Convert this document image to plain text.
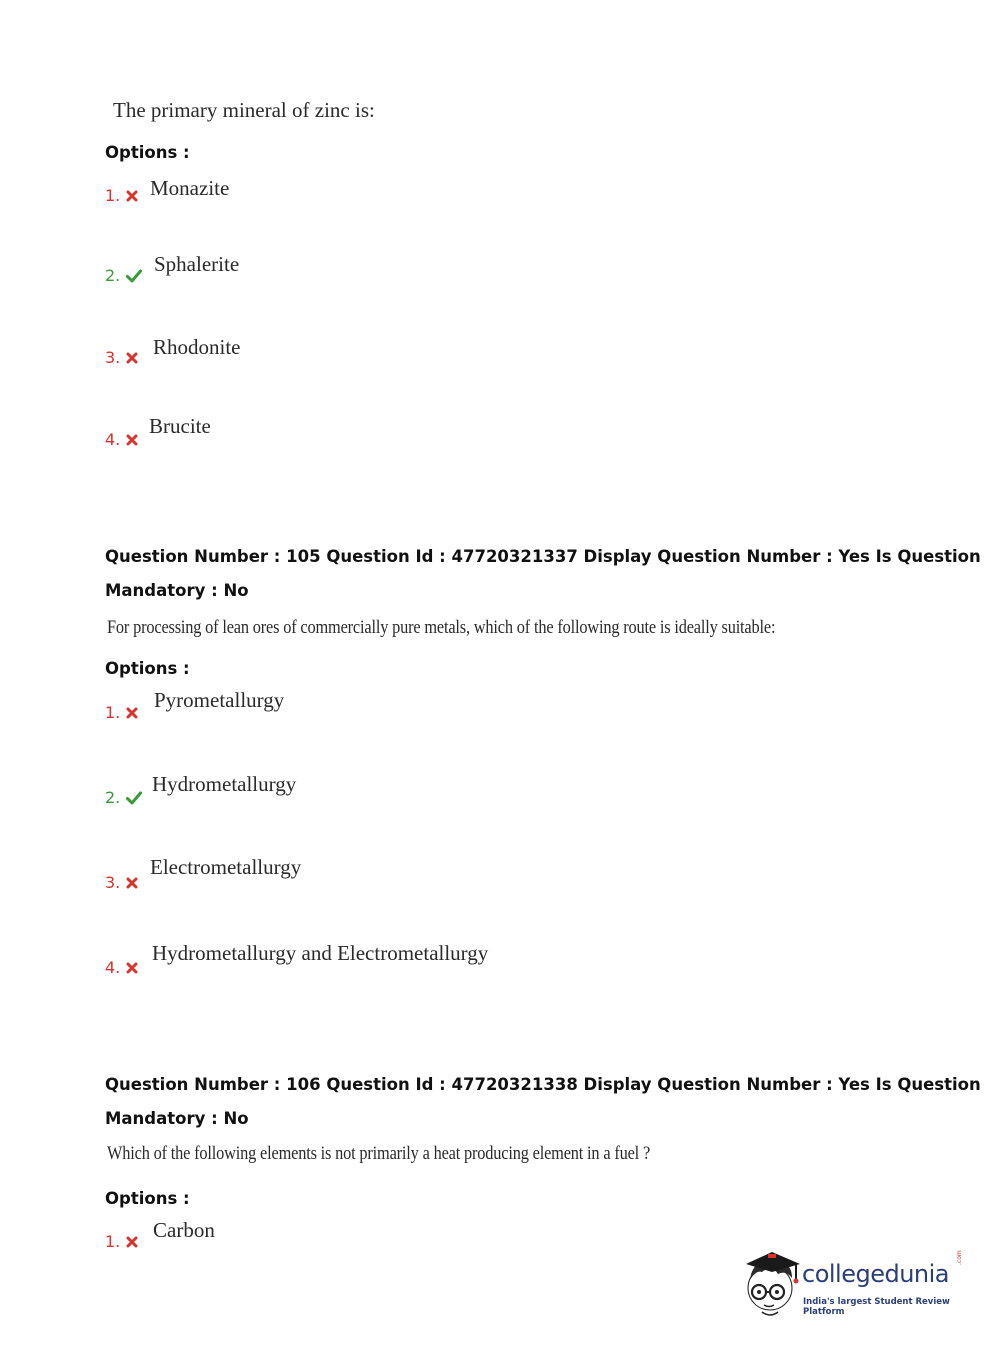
The primary mineral of zinc is:
Options :
1. Monazite
2. Sphalerite
3. Rhodonite
4.
Brucite
Question Number : 105 Question Id : 47720321337 Display Question Number : Yes Is Question
Mandatory : No
For processing of lean ores of commercially pure metals, which of the following route is ideally suitable:
Options :
1.
Pyrometallurgy
2.
Hydrometallurgy
3.
Electrometallurgy
4.
Hydrometallurgy and Electrometallurgy
Question Number : 106 Question Id : 47720321338 Display Question Number : Yes Is Question
Mandatory : No
Which of the following elements is not primarily a heat producing element in a fuel ?
Options :
1. Carbon
collegedunia
.com
India's largest Student Review Platform
